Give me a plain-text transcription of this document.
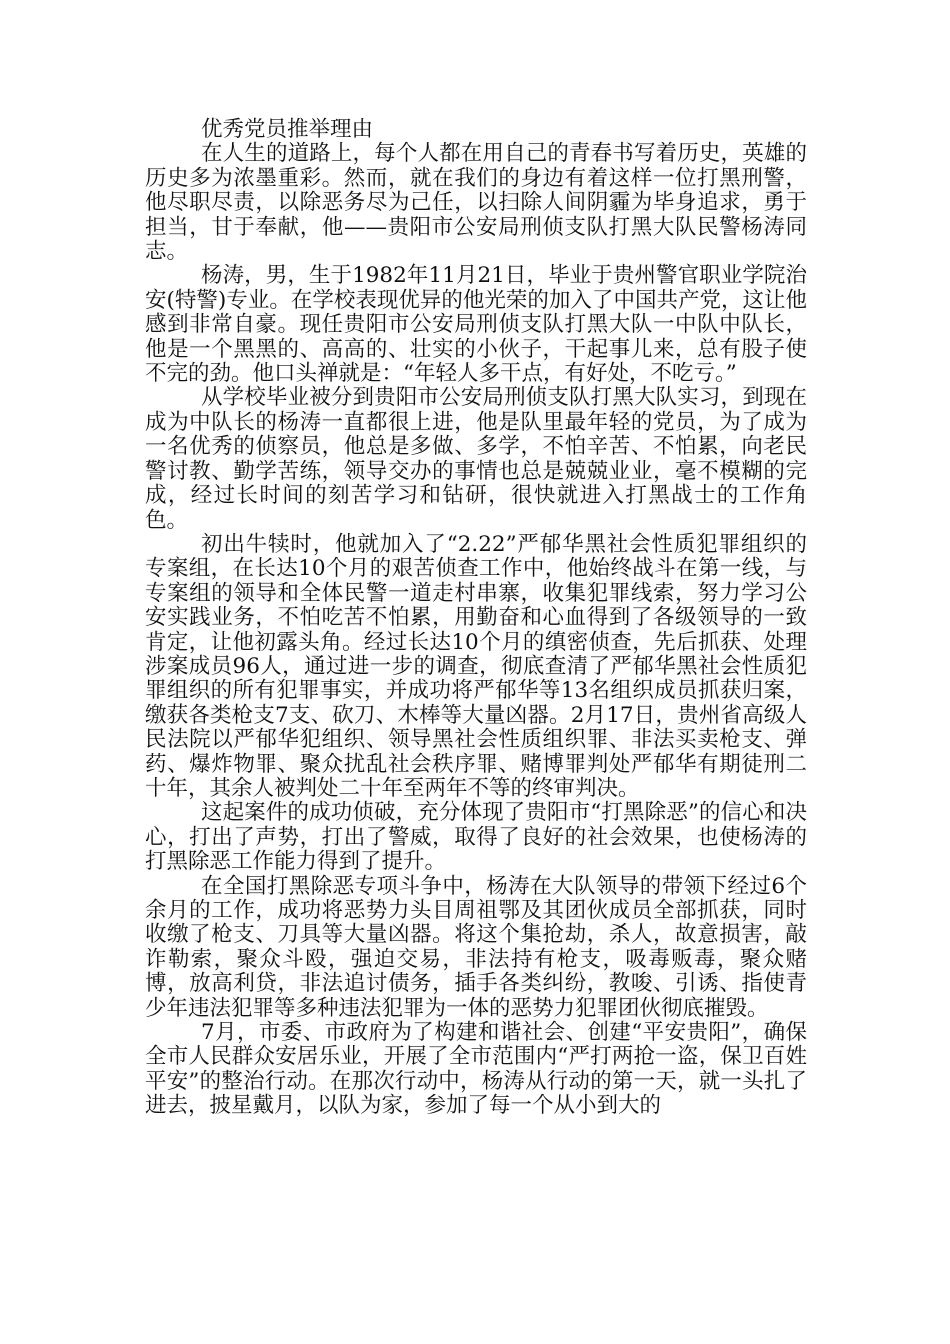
优秀党员推举理由

在人生的道路上，每个人都在用自己的青春书写着历史，英雄的历史多为浓墨重彩。然而，就在我们的身边有着这样一位打黑刑警，他尽职尽责，以除恶务尽为己任，以扫除人间阴霾为毕身追求，勇于担当，甘于奉献，他——贵阳市公安局刑侦支队打黑大队民警杨涛同志。

杨涛，男，生于1982年11月21日，毕业于贵州警官职业学院治安(特警)专业。在学校表现优异的他光荣的加入了中国共产党，这让他感到非常自豪。现任贵阳市公安局刑侦支队打黑大队一中队中队长，他是一个黑黑的、高高的、壮实的小伙子，干起事儿来，总有股子使不完的劲。他口头禅就是：“年轻人多干点，有好处，不吃亏。”

从学校毕业被分到贵阳市公安局刑侦支队打黑大队实习，到现在成为中队长的杨涛一直都很上进，他是队里最年轻的党员，为了成为一名优秀的侦察员，他总是多做、多学，不怕辛苦、不怕累，向老民警讨教、勤学苦练，领导交办的事情也总是兢兢业业，毫不模糊的完成，经过长时间的刻苦学习和钻研，很快就进入打黑战士的工作角色。

初出牛犊时，他就加入了“2.22”严郁华黑社会性质犯罪组织的专案组，在长达10个月的艰苦侦查工作中，他始终战斗在第一线，与专案组的领导和全体民警一道走村串寨，收集犯罪线索，努力学习公安实践业务，不怕吃苦不怕累，用勤奋和心血得到了各级领导的一致肯定，让他初露头角。经过长达10个月的缜密侦查，先后抓获、处理涉案成员96人，通过进一步的调查，彻底查清了严郁华黑社会性质犯罪组织的所有犯罪事实，并成功将严郁华等13名组织成员抓获归案，缴获各类枪支7支、砍刀、木棒等大量凶器。2月17日，贵州省高级人民法院以严郁华犯组织、领导黑社会性质组织罪、非法买卖枪支、弹药、爆炸物罪、聚众扰乱社会秩序罪、赌博罪判处严郁华有期徒刑二十年，其余人被判处二十年至两年不等的终审判决。

这起案件的成功侦破，充分体现了贵阳市“打黑除恶”的信心和决心，打出了声势，打出了警威，取得了良好的社会效果，也使杨涛的打黑除恶工作能力得到了提升。

在全国打黑除恶专项斗争中，杨涛在大队领导的带领下经过6个余月的工作，成功将恶势力头目周祖鄂及其团伙成员全部抓获，同时收缴了枪支、刀具等大量凶器。将这个集抢劫，杀人，故意损害，敲诈勒索，聚众斗殴，强迫交易，非法持有枪支，吸毒贩毒，聚众赌博，放高利贷，非法追讨债务，插手各类纠纷，教唆、引诱、指使青少年违法犯罪等多种违法犯罪为一体的恶势力犯罪团伙彻底摧毁。

7月，市委、市政府为了构建和谐社会、创建“平安贵阳”，确保全市人民群众安居乐业，开展了全市范围内“严打两抢一盗，保卫百姓平安”的整治行动。在那次行动中，杨涛从行动的第一天，就一头扎了进去，披星戴月，以队为家，参加了每一个从小到大的
